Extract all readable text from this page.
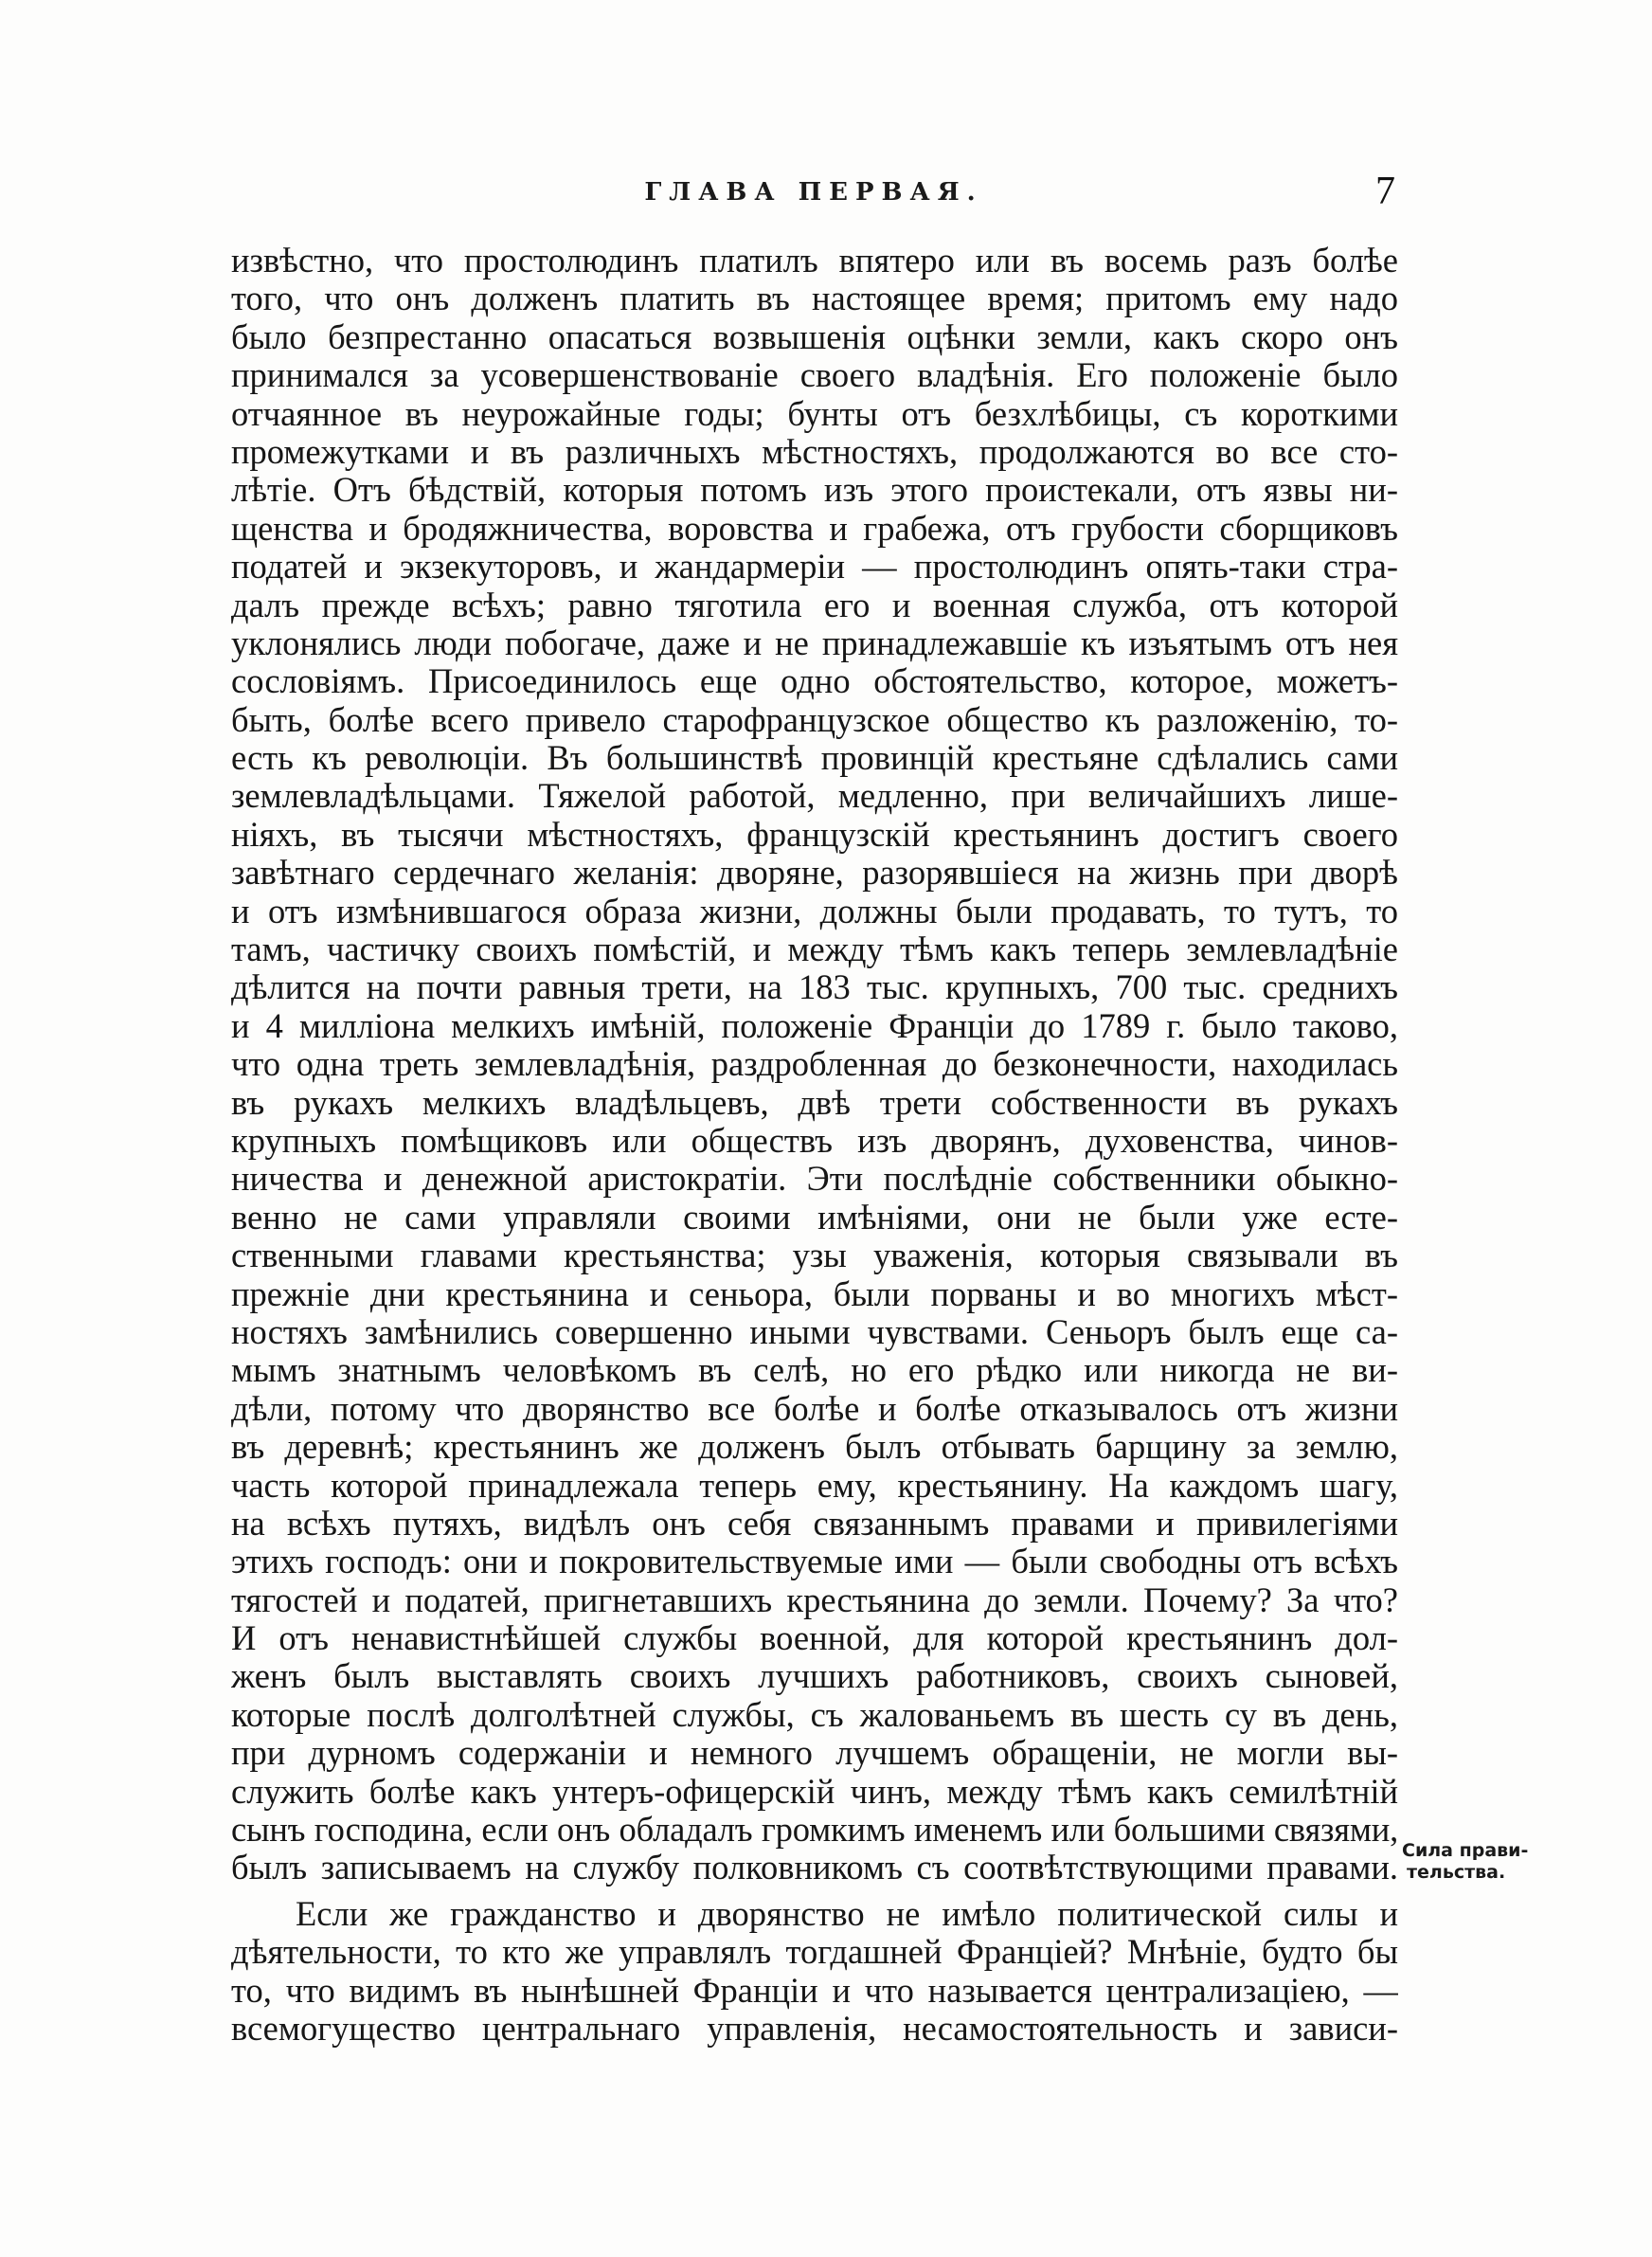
ГЛАВА ПЕРВАЯ.	7
извѣстно, что простолюдинъ платилъ впятеро или въ восемь разъ болѣе
того, что онъ долженъ платить въ настоящее время; притомъ ему надо
было безпрестанно опасаться возвышенія оцѣнки земли, какъ скоро онъ
принимался за усовершенствованіе своего владѣнія. Его положеніе было
отчаянное въ неурожайные годы; бунты отъ безхлѣбицы, съ короткими
промежутками и въ различныхъ мѣстностяхъ, продолжаются во все сто-
лѣтіе. Отъ бѣдствій, которыя потомъ изъ этого проистекали, отъ язвы ни-
щенства и бродяжничества, воровства и грабежа, отъ грубости сборщиковъ
податей и экзекуторовъ, и жандармеріи — простолюдинъ опять-таки стра-
далъ прежде всѣхъ; равно тяготила его и военная служба, отъ которой
уклонялись люди побогаче, даже и не принадлежавшіе къ изъятымъ отъ нея
сословіямъ. Присоединилось еще одно обстоятельство, которое, можетъ-
быть, болѣе всего привело старофранцузское общество къ разложенію, то-
есть къ революціи. Въ большинствѣ провинцій крестьяне сдѣлались сами
землевладѣльцами. Тяжелой работой, медленно, при величайшихъ лише-
ніяхъ, въ тысячи мѣстностяхъ, французскій крестьянинъ достигъ своего
завѣтнаго сердечнаго желанія: дворяне, разорявшіеся на жизнь при дворѣ
и отъ измѣнившагося образа жизни, должны были продавать, то тутъ, то
тамъ, частичку своихъ помѣстій, и между тѣмъ какъ теперь землевладѣніе
дѣлится на почти равныя трети, на 183 тыс. крупныхъ, 700 тыс. среднихъ
и 4 милліона мелкихъ имѣній, положеніе Франціи до 1789 г. было таково,
что одна треть землевладѣнія, раздробленная до безконечности, находилась
въ рукахъ мелкихъ владѣльцевъ, двѣ трети собственности въ рукахъ
крупныхъ помѣщиковъ или обществъ изъ дворянъ, духовенства, чинов-
ничества и денежной аристократіи. Эти послѣдніе собственники обыкно-
венно не сами управляли своими имѣніями, они не были уже есте-
ственными главами крестьянства; узы уваженія, которыя связывали въ
прежніе дни крестьянина и сеньора, были порваны и во многихъ мѣст-
ностяхъ замѣнились совершенно иными чувствами. Сеньоръ былъ еще са-
мымъ знатнымъ человѣкомъ въ селѣ, но его рѣдко или никогда не ви-
дѣли, потому что дворянство все болѣе и болѣе отказывалось отъ жизни
въ деревнѣ; крестьянинъ же долженъ былъ отбывать барщину за землю,
часть которой принадлежала теперь ему, крестьянину. На каждомъ шагу,
на всѣхъ путяхъ, видѣлъ онъ себя связаннымъ правами и привилегіями
этихъ господъ: они и покровительствуемые ими — были свободны отъ всѣхъ
тягостей и податей, пригнетавшихъ крестьянина до земли. Почему? За что?
И отъ ненавистнѣйшей службы военной, для которой крестьянинъ дол-
женъ былъ выставлять своихъ лучшихъ работниковъ, своихъ сыновей,
которые послѣ долголѣтней службы, съ жалованьемъ въ шесть су въ день,
при дурномъ содержаніи и немного лучшемъ обращеніи, не могли вы-
служить болѣе какъ унтеръ-офицерскій чинъ, между тѣмъ какъ семилѣтній
сынъ господина, если онъ обладалъ громкимъ именемъ или большими связями,
былъ записываемъ на службу полковникомъ съ соотвѣтствующими правами.
Если же гражданство и дворянство не имѣло политической силы и
дѣятельности, то кто же управлялъ тогдашней Франціей? Мнѣніе, будто бы
то, что видимъ въ нынѣшней Франціи и что называется централизаціею, —
всемогущество центральнаго управленія, несамостоятельность и зависи-
Сила прави-
тельства.
